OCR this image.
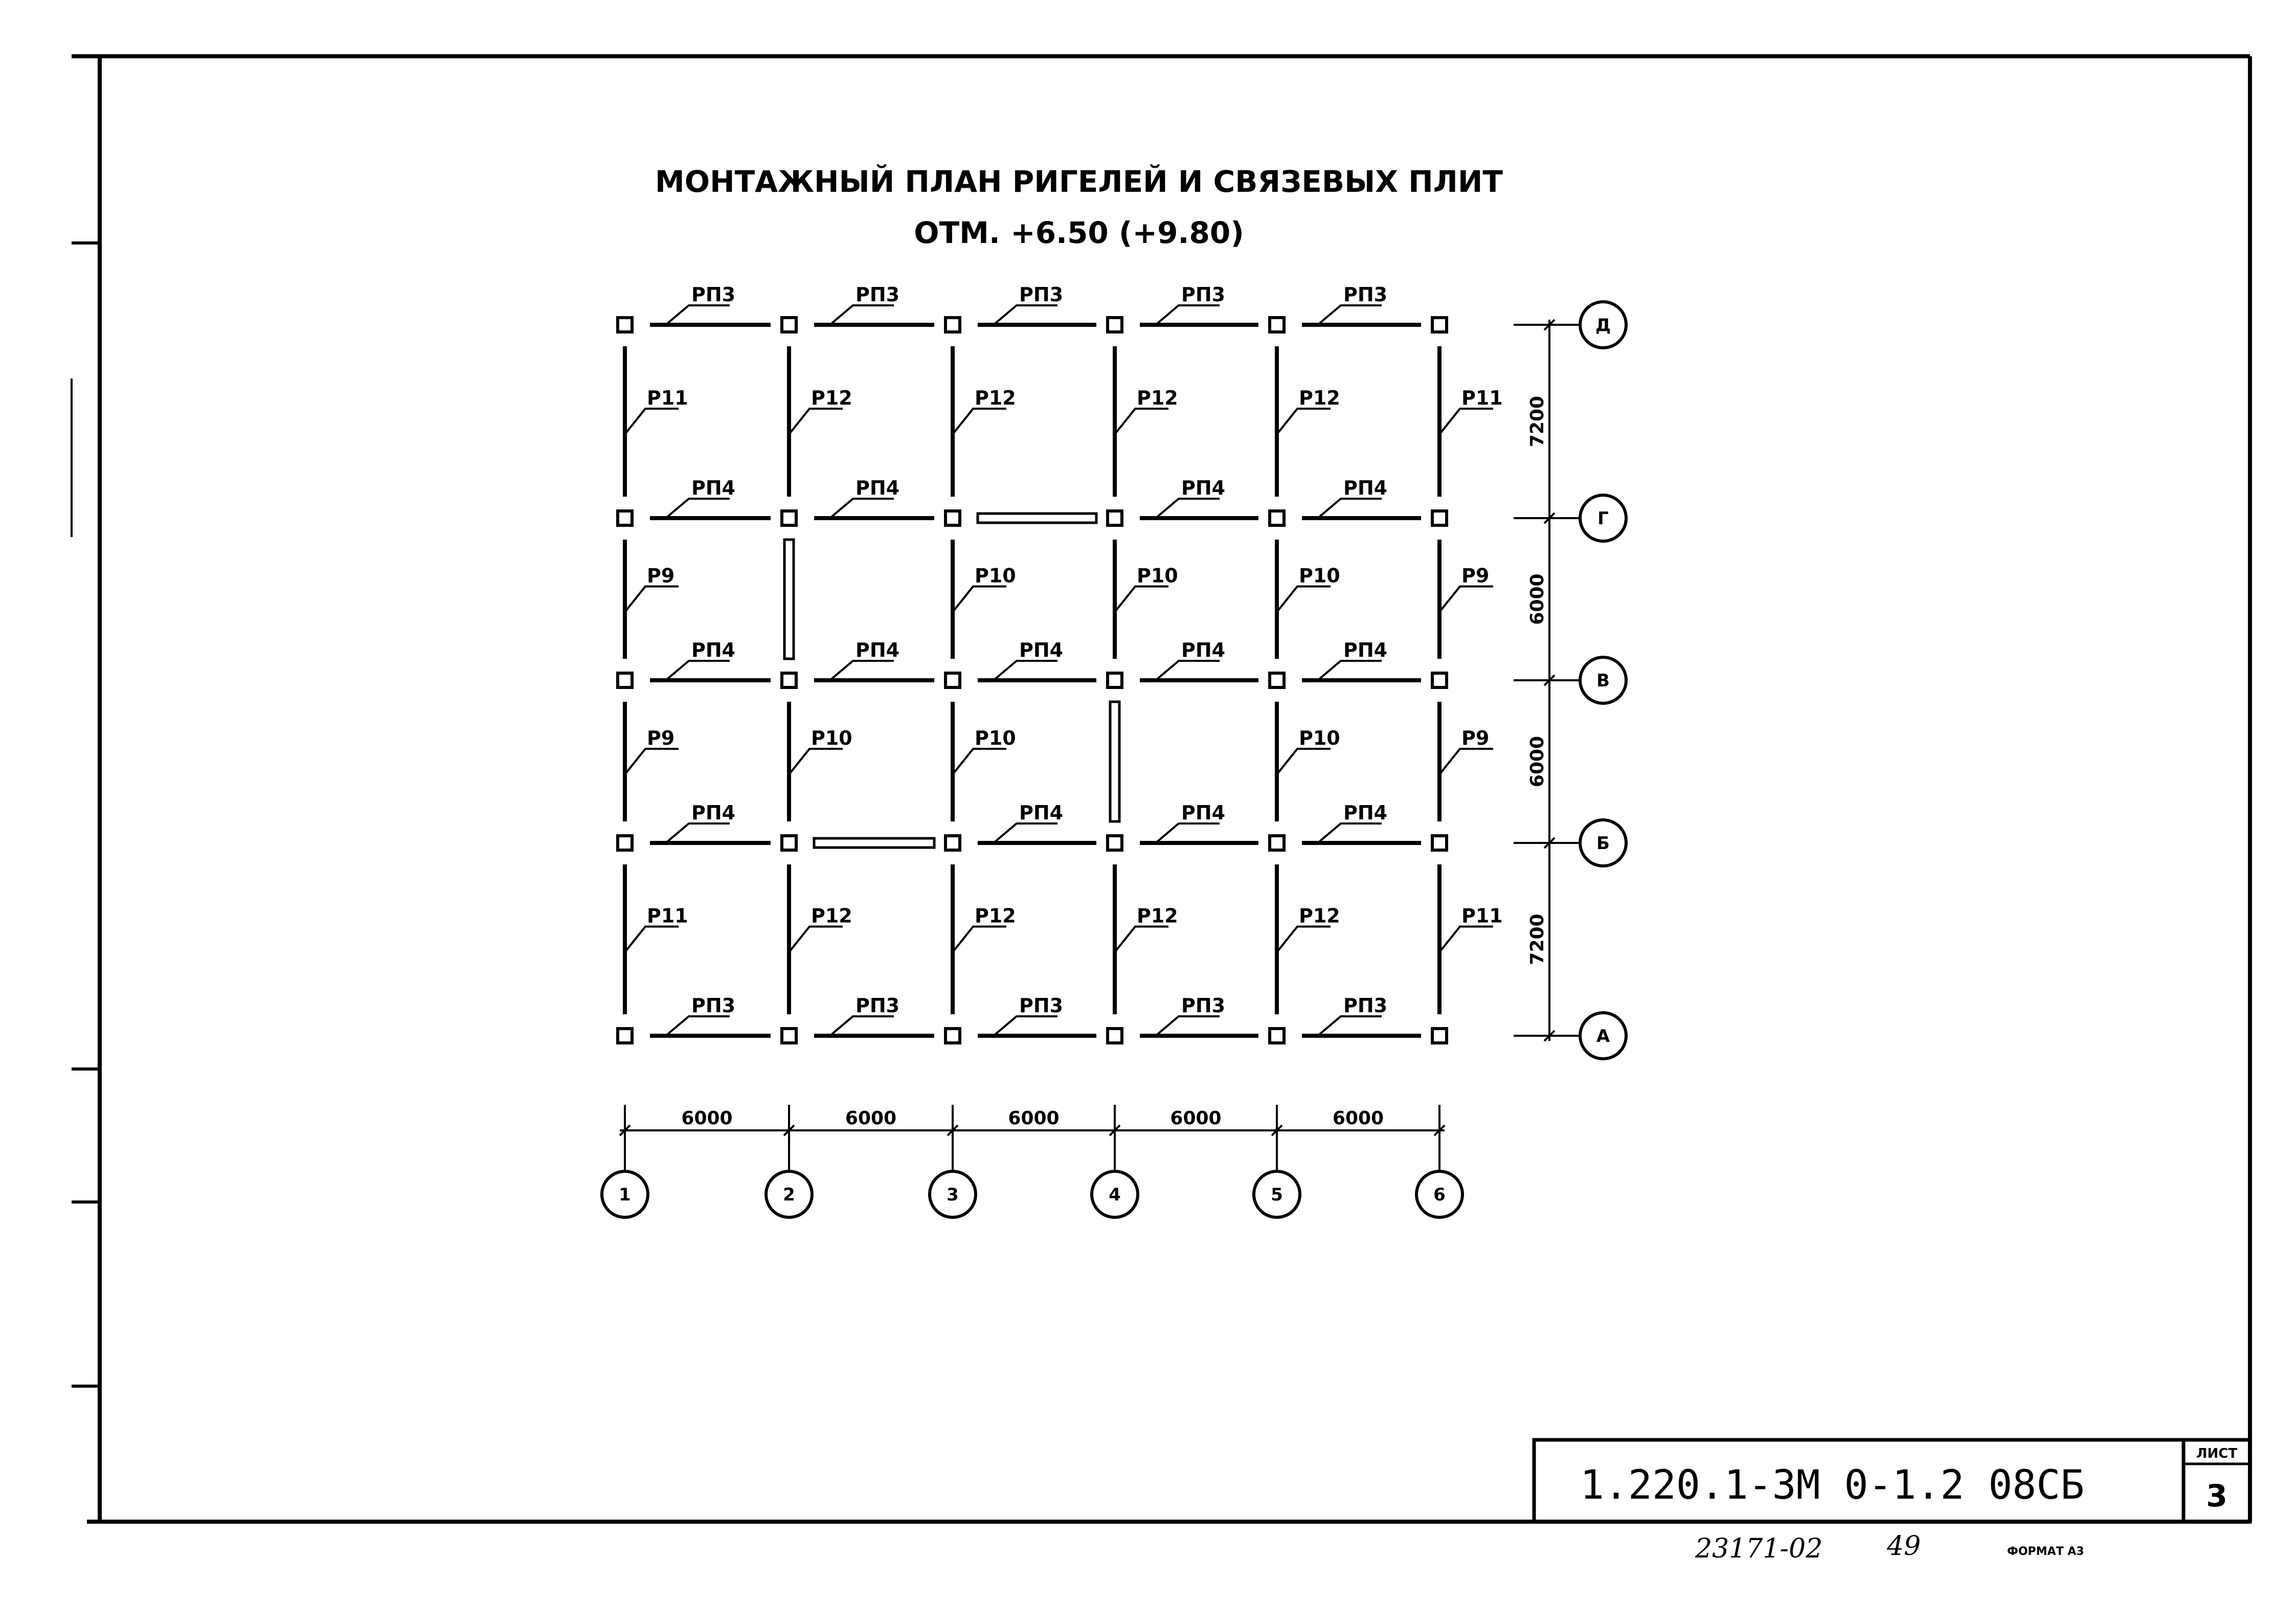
МОНТАЖНЫЙ ПЛАН РИГЕЛЕЙ И СВЯЗЕВЫХ ПЛИТ
ОТМ. +6.50 (+9.80)
РП3	РП3	РП3	РП3	РП3
РП4	РП4	РП4	РП4
РП4	РП4	РП4	РП4	РП4
РП4	РП4	РП4	РП4
РП3	РП3	РП3	РП3	РП3
Р11	Р12	Р12	Р12	Р12	Р11
Р9	Р10	Р10	Р10	Р9
Р9	Р10	Р10	Р10	Р9
Р11	Р12	Р12	Р12	Р12	Р11
6000	6000	6000	6000	6000
7200
6000
6000
7200
1	2	3	4	5	6
Д
Г
В
Б
А
1.220.1-3М 0-1.2 08СБ
ЛИСТ
3
23171-02 49	ФОРМАТ А3
